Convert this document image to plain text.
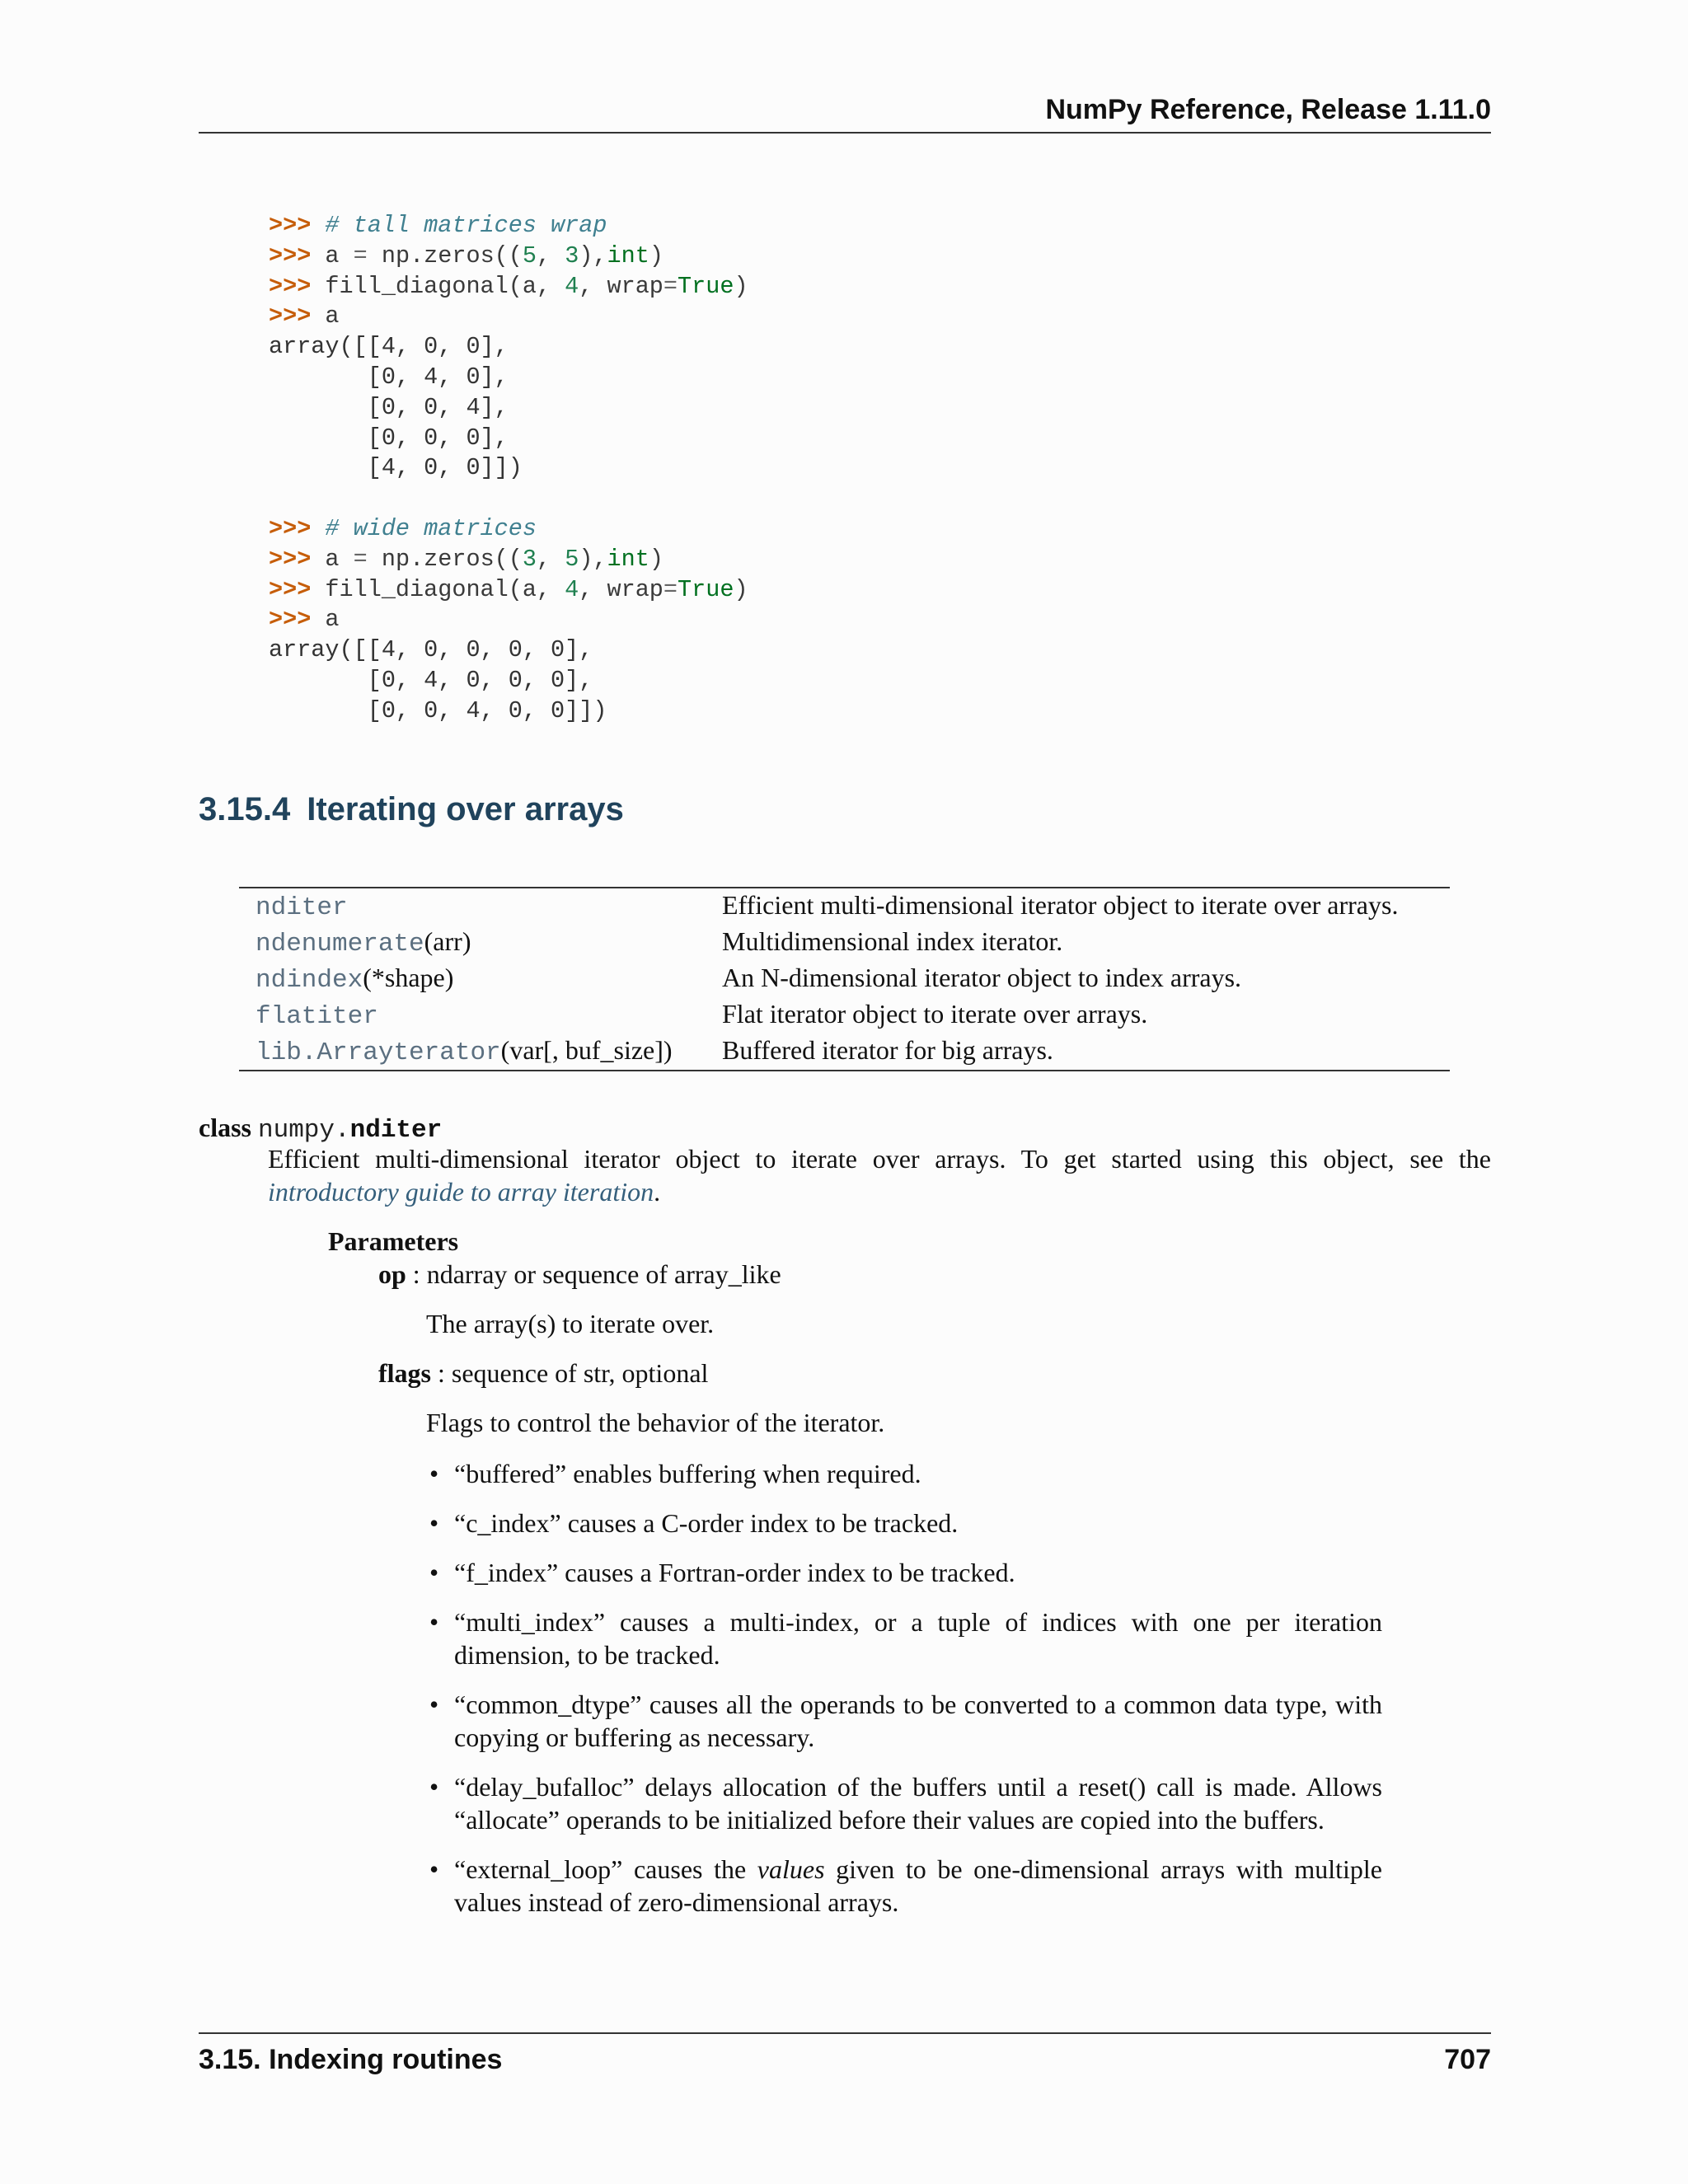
NumPy Reference, Release 1.11.0
>>> # tall matrices wrap
>>> a = np.zeros((5, 3),int)
>>> fill_diagonal(a, 4, wrap=True)
>>> a
array([[4, 0, 0],
[0, 4, 0],
[0, 0, 4],
[0, 0, 0],
[4, 0, 0]])

>>> # wide matrices
>>> a = np.zeros((3, 5),int)
>>> fill_diagonal(a, 4, wrap=True)
>>> a
array([[4, 0, 0, 0, 0],
[0, 4, 0, 0, 0],
[0, 0, 4, 0, 0]])
3.15.4 Iterating over arrays
nditer	Efficient multi-dimensional iterator object to iterate over arrays.
ndenumerate(arr)	Multidimensional index iterator.
ndindex(*shape)	An N-dimensional iterator object to index arrays.
flatiter	Flat iterator object to iterate over arrays.
lib.Arrayterator(var[, buf_size])	Buffered iterator for big arrays.
class numpy.nditer
Efficient multi-dimensional iterator object to iterate over arrays. To get started using this object, see the introductory guide to array iteration.
Parameters
op : ndarray or sequence of array_like
The array(s) to iterate over.
flags : sequence of str, optional
Flags to control the behavior of the iterator.
• “buffered” enables buffering when required.
• “c_index” causes a C-order index to be tracked.
• “f_index” causes a Fortran-order index to be tracked.
• “multi_index” causes a multi-index, or a tuple of indices with one per iteration dimension, to be tracked.
• “common_dtype” causes all the operands to be converted to a common data type, with copying or buffering as necessary.
• “delay_bufalloc” delays allocation of the buffers until a reset() call is made. Allows “allocate” operands to be initialized before their values are copied into the buffers.
• “external_loop” causes the values given to be one-dimensional arrays with multiple values instead of zero-dimensional arrays.
3.15. Indexing routines	707
